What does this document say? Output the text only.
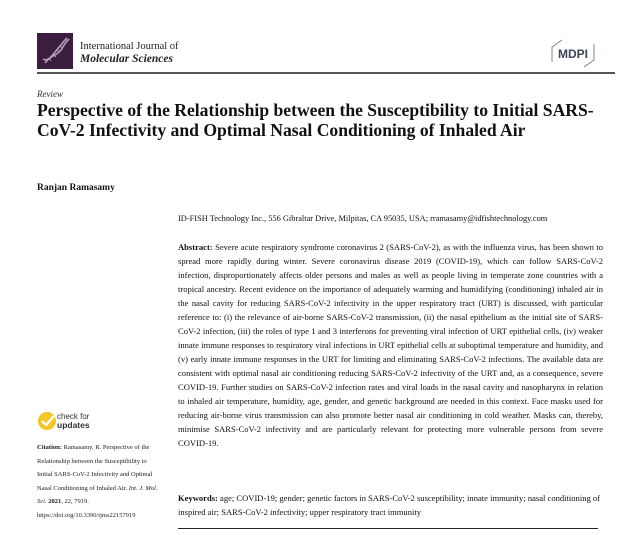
International Journal of
Molecular Sciences	MDPI
Review
Perspective of the Relationship between the Susceptibility to Initial SARS-CoV-2 Infectivity and Optimal Nasal Conditioning of Inhaled Air
Ranjan Ramasamy
ID-FISH Technology Inc., 556 Gibraltar Drive, Milpitas, CA 95035, USA; rramasamy@idfishtechnology.com
Abstract: Severe acute respiratory syndrome coronavirus 2 (SARS-CoV-2), as with the influenza virus, has been shown to spread more rapidly during winter. Severe coronavirus disease 2019 (COVID-19), which can follow SARS-CoV-2 infection, disproportionately affects older persons and males as well as people living in temperate zone countries with a tropical ancestry. Recent evidence on the importance of adequately warming and humidifying (conditioning) inhaled air in the nasal cavity for reducing SARS-CoV-2 infectivity in the upper respiratory tract (URT) is discussed, with particular reference to: (i) the relevance of air-borne SARS-CoV-2 transmission, (ii) the nasal epithelium as the initial site of SARS-CoV-2 infection, (iii) the roles of type 1 and 3 interferons for preventing viral infection of URT epithelial cells, (iv) weaker innate immune responses to respiratory viral infections in URT epithelial cells at suboptimal temperature and humidity, and (v) early innate immune responses in the URT for limiting and eliminating SARS-CoV-2 infections. The available data are consistent with optimal nasal air conditioning reducing SARS-CoV-2 infectivity of the URT and, as a consequence, severe COVID-19. Further studies on SARS-CoV-2 infection rates and viral loads in the nasal cavity and nasopharynx in relation to inhaled air temperature, humidity, age, gender, and genetic background are needed in this context. Face masks used for reducing air-borne virus transmission can also promote better nasal air conditioning in cold weather. Masks can, thereby, minimise SARS-CoV-2 infectivity and are particularly relevant for protecting more vulnerable persons from severe COVID-19.
Keywords: age; COVID-19; gender; genetic factors in SARS-CoV-2 susceptibility; innate immunity; nasal conditioning of inspired air; SARS-CoV-2 infectivity; upper respiratory tract immunity
check for
updates
Citation: Ramasamy, R. Perspective of the Relationship between the Susceptibility to Initial SARS-CoV-2 Infectivity and Optimal Nasal Conditioning of Inhaled Air. Int. J. Mol. Sci. 2021, 22, 7919. https://doi.org/10.3390/ijms22157919
